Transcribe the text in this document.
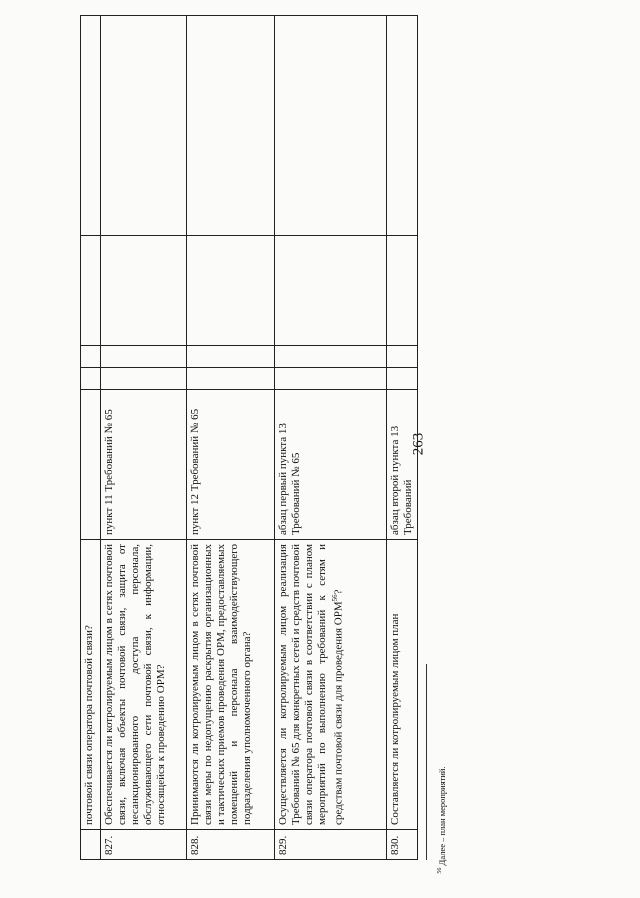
263
	почтовой связи оператора почтовой связи?					
827.	Обеспечивается ли котролируемым лицом в сетях почтовой связи, включая объекты почтовой связи, защита от несанкционированного доступа персонала, обслуживающего сети почтовой связи, к информации, относящейся к проведению ОРМ?	пункт 11 Требований № 65				
828.	Принимаются ли котролируемым лицом в сетях почтовой связи меры по недопущению раскрытия организационных и тактических приемов проведения ОРМ, предоставляемых помещений и персонала взаимодействующего подразделения уполномоченного органа?	пункт 12 Требований № 65				
829.	Осуществляется ли котролируемым лицом реализация Требований № 65 для конкретных сетей и средств почтовой связи оператора почтовой связи в соответствии с планом мероприятий по выполнению требований к сетям и средствам почтовой связи для проведения ОРМ$^{56}$?	абзац первый пункта 13 Требований № 65				
830.	Составляется ли котролируемым лицом план	абзац второй пункта 13 Требований				
$^{56}$ Далее – план мероприятий.
